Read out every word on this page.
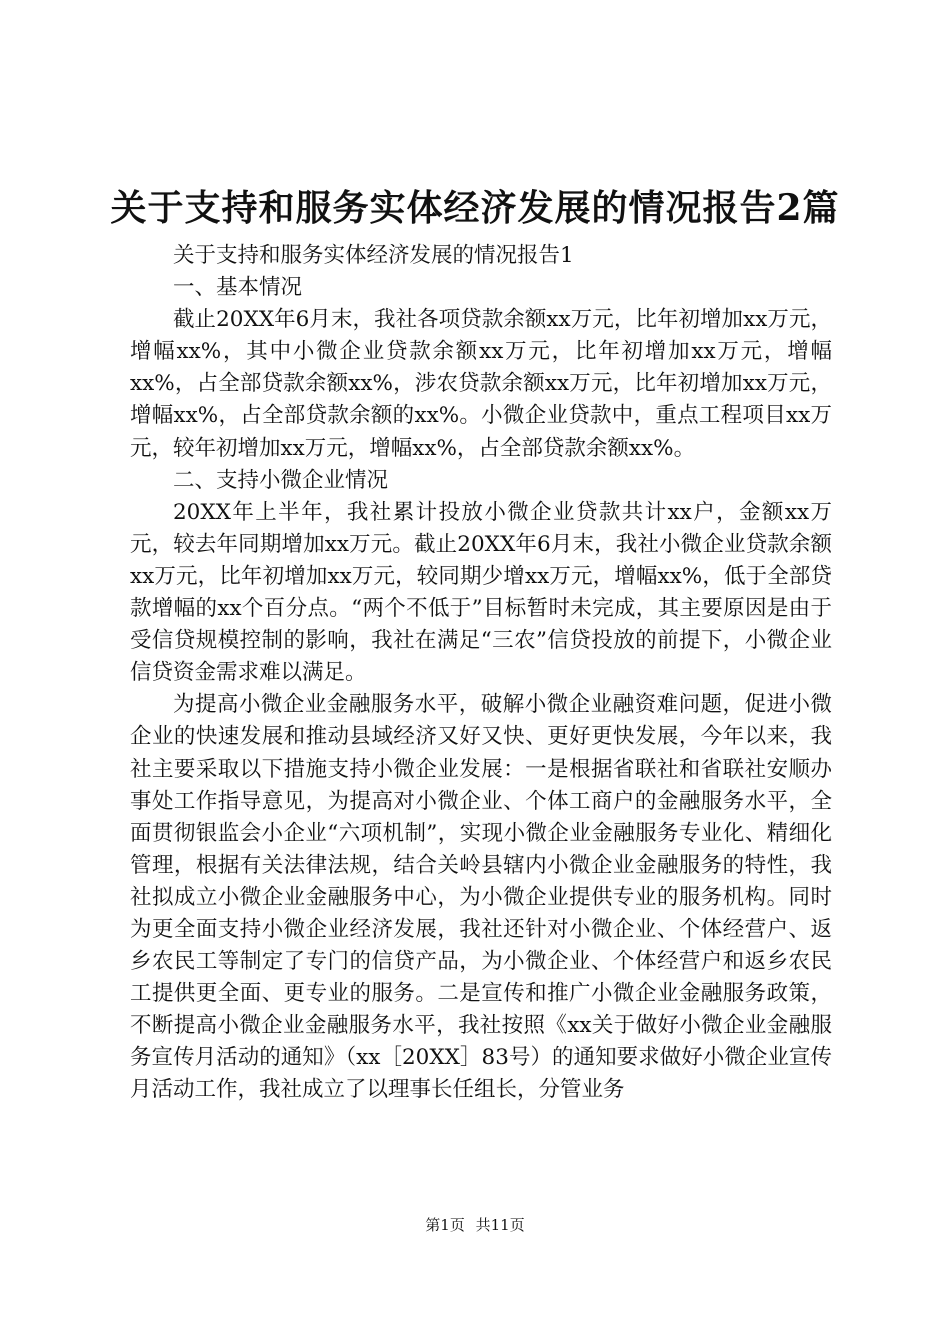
关于支持和服务实体经济发展的情况报告2篇

关于支持和服务实体经济发展的情况报告1

一、基本情况

截止20XX年6月末，我社各项贷款余额xx万元，比年初增加xx万元，增幅xx%，其中小微企业贷款余额xx万元，比年初增加xx万元，增幅xx%，占全部贷款余额xx%，涉农贷款余额xx万元，比年初增加xx万元，增幅xx%，占全部贷款余额的xx%。小微企业贷款中，重点工程项目xx万元，较年初增加xx万元，增幅xx%，占全部贷款余额xx%。

二、支持小微企业情况

20XX年上半年，我社累计投放小微企业贷款共计xx户，金额xx万元，较去年同期增加xx万元。截止20XX年6月末，我社小微企业贷款余额xx万元，比年初增加xx万元，较同期少增xx万元，增幅xx%，低于全部贷款增幅的xx个百分点。“两个不低于”目标暂时未完成，其主要原因是由于受信贷规模控制的影响，我社在满足“三农”信贷投放的前提下，小微企业信贷资金需求难以满足。

为提高小微企业金融服务水平，破解小微企业融资难问题，促进小微企业的快速发展和推动县域经济又好又快、更好更快发展，今年以来，我社主要采取以下措施支持小微企业发展：一是根据省联社和省联社安顺办事处工作指导意见，为提高对小微企业、个体工商户的金融服务水平，全面贯彻银监会小企业“六项机制”，实现小微企业金融服务专业化、精细化管理，根据有关法律法规，结合关岭县辖内小微企业金融服务的特性，我社拟成立小微企业金融服务中心，为小微企业提供专业的服务机构。同时为更全面支持小微企业经济发展，我社还针对小微企业、个体经营户、返乡农民工等制定了专门的信贷产品，为小微企业、个体经营户和返乡农民工提供更全面、更专业的服务。二是宣传和推广小微企业金融服务政策，不断提高小微企业金融服务水平，我社按照《xx关于做好小微企业金融服务宣传月活动的通知》（xx［20XX］83号）的通知要求做好小微企业宣传月活动工作，我社成立了以理事长任组长，分管业务

第1页 共11页
